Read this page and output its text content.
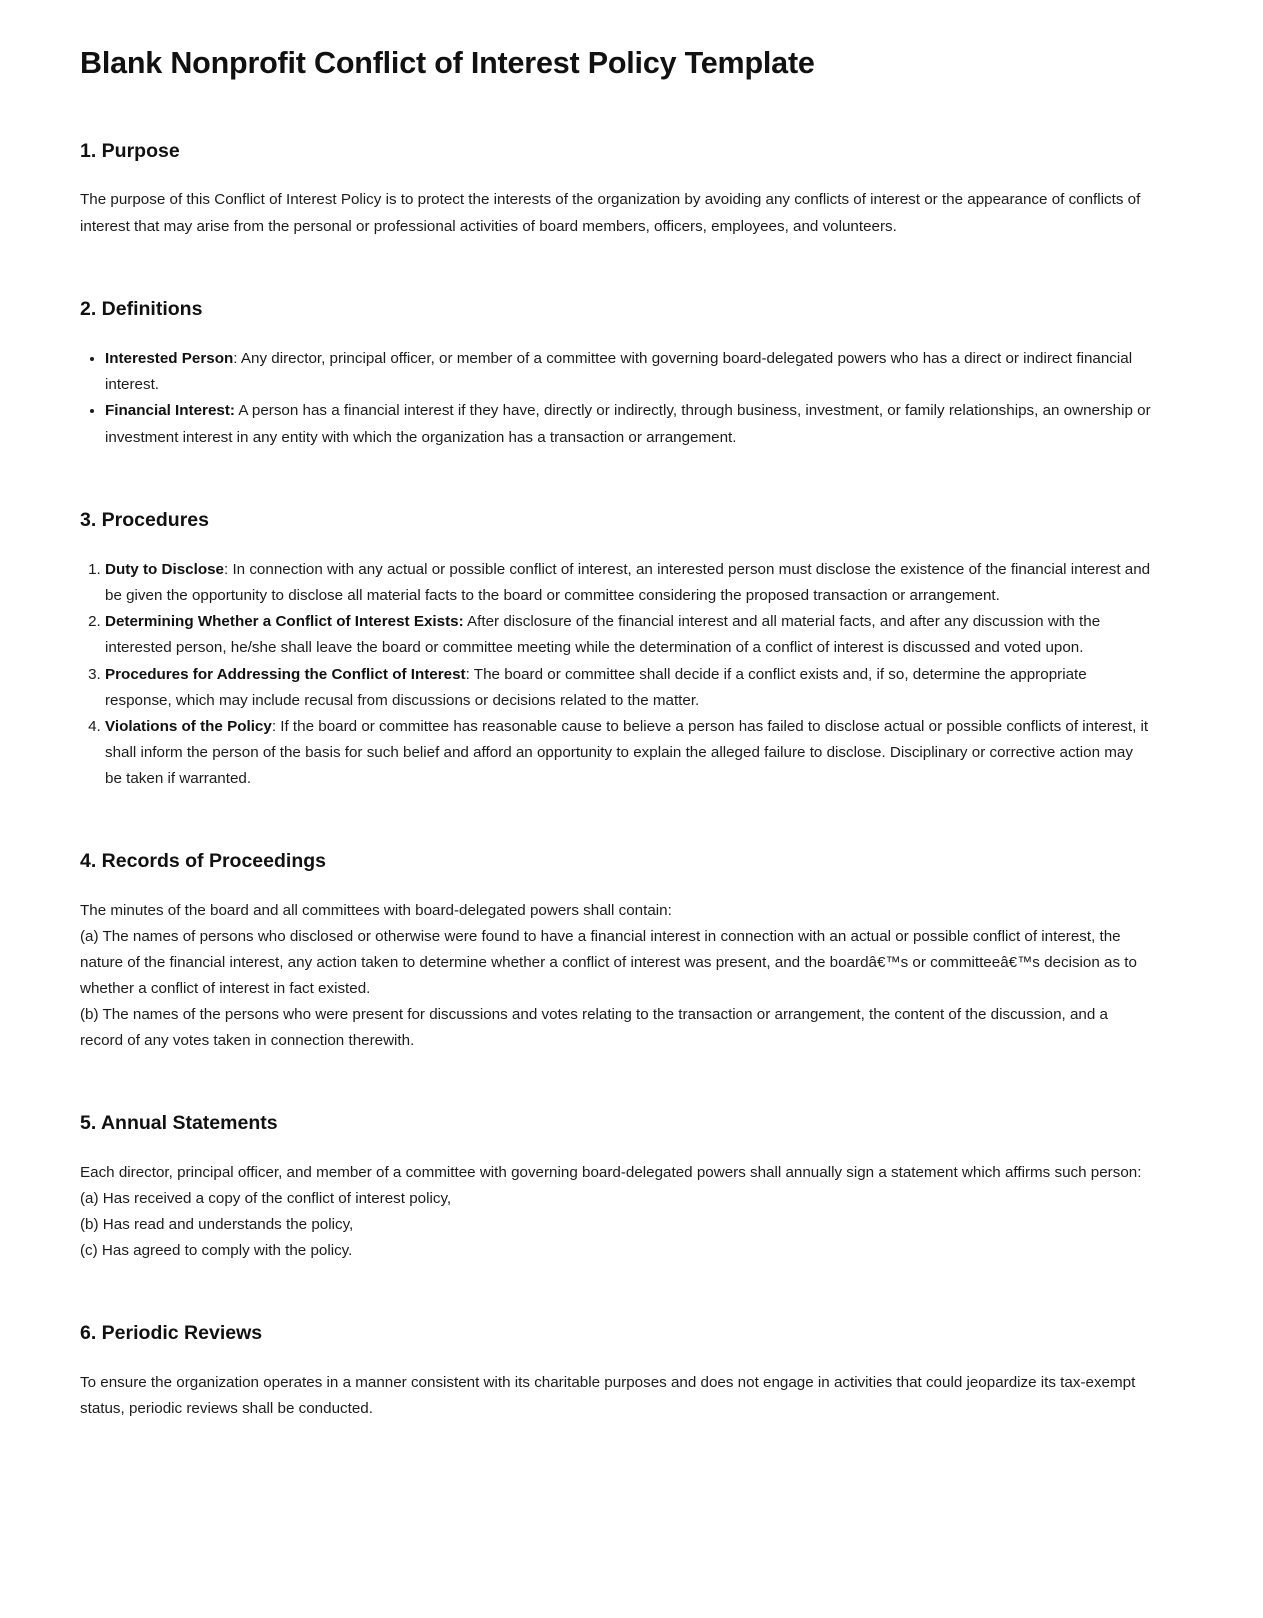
Blank Nonprofit Conflict of Interest Policy Template
1. Purpose

The purpose of this Conflict of Interest Policy is to protect the interests of the organization by avoiding any conflicts of interest or the appearance of conflicts of interest that may arise from the personal or professional activities of board members, officers, employees, and volunteers.

2. Definitions
• Interested Person: Any director, principal officer, or member of a committee with governing board-delegated powers who has a direct or indirect financial interest.
• Financial Interest: A person has a financial interest if they have, directly or indirectly, through business, investment, or family relationships, an ownership or investment interest in any entity with which the organization has a transaction or arrangement.
3. Procedures
1. Duty to Disclose: In connection with any actual or possible conflict of interest, an interested person must disclose the existence of the financial interest and be given the opportunity to disclose all material facts to the board or committee considering the proposed transaction or arrangement.
2. Determining Whether a Conflict of Interest Exists: After disclosure of the financial interest and all material facts, and after any discussion with the interested person, he/she shall leave the board or committee meeting while the determination of a conflict of interest is discussed and voted upon.
3. Procedures for Addressing the Conflict of Interest: The board or committee shall decide if a conflict exists and, if so, determine the appropriate response, which may include recusal from discussions or decisions related to the matter.
4. Violations of the Policy: If the board or committee has reasonable cause to believe a person has failed to disclose actual or possible conflicts of interest, it shall inform the person of the basis for such belief and afford an opportunity to explain the alleged failure to disclose. Disciplinary or corrective action may be taken if warranted.
4. Records of Proceedings

The minutes of the board and all committees with board-delegated powers shall contain:
(a) The names of persons who disclosed or otherwise were found to have a financial interest in connection with an actual or possible conflict of interest, the nature of the financial interest, any action taken to determine whether a conflict of interest was present, and the boardâ€™s or committeeâ€™s decision as to whether a conflict of interest in fact existed.
(b) The names of the persons who were present for discussions and votes relating to the transaction or arrangement, the content of the discussion, and a record of any votes taken in connection therewith.

5. Annual Statements

Each director, principal officer, and member of a committee with governing board-delegated powers shall annually sign a statement which affirms such person:
(a) Has received a copy of the conflict of interest policy,
(b) Has read and understands the policy,
(c) Has agreed to comply with the policy.

6. Periodic Reviews

To ensure the organization operates in a manner consistent with its charitable purposes and does not engage in activities that could jeopardize its tax-exempt status, periodic reviews shall be conducted.
